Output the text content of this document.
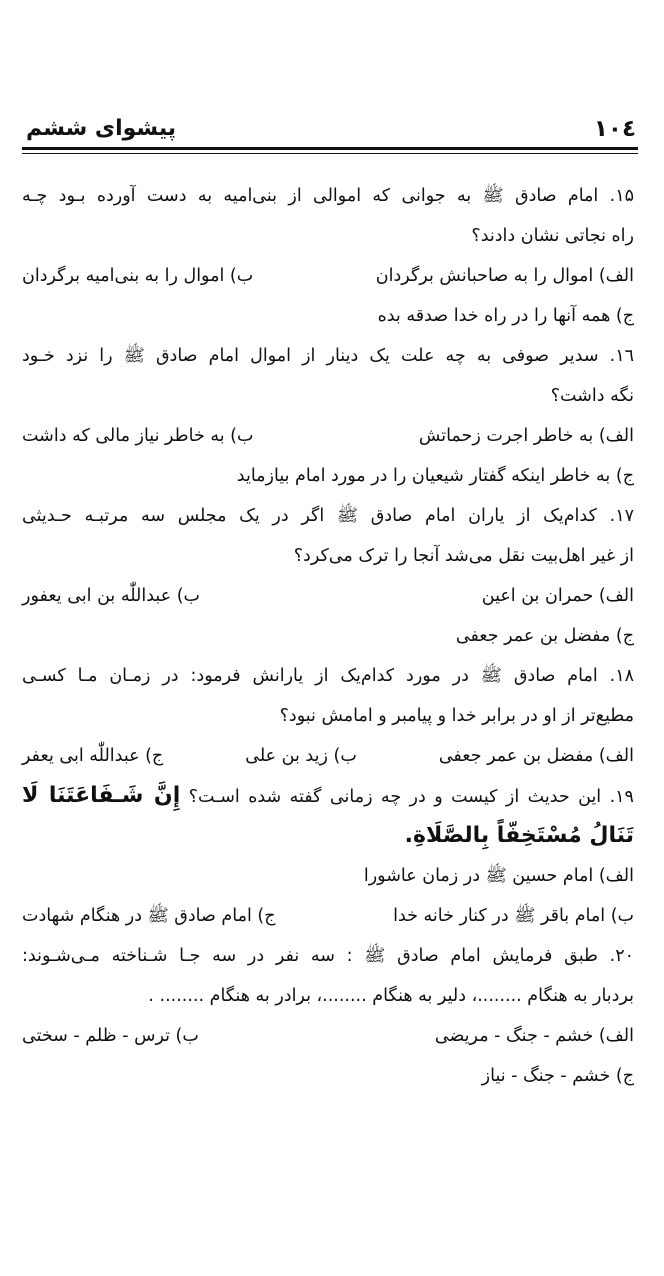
۱۰٤
پیشوای ششم
۱۵. امام صادق ﷺ به جوانی که اموالی از بنی‌امیه به دست آورده بـود چـه
راه نجاتی نشان دادند؟
الف) اموال را به صاحبانش برگردان
ب) اموال را به بنی‌امیه برگردان
ج) همه آنها را در راه خدا صدقه بده
۱٦. سدیر صوفی به چه علت یک دینار از اموال امام صادق ﷺ را نزد خـود
نگه داشت؟
الف) به خاطر اجرت زحماتش
ب) به خاطر نیاز مالی که داشت
ج) به خاطر اینکه گفتار شیعیان را در مورد امام بیازماید
۱۷. کدام‌یک از یاران امام صادق ﷺ اگر در یک مجلس سه مرتبـه حـدیثی
از غیر اهل‌بیت نقل می‌شد آنجا را ترک می‌کرد؟
الف) حمران بن اعین
ب) عبداللّٰه بن ابی یعفور
ج) مفضل بن عمر جعفی
۱۸. امام صادق ﷺ در مورد کدام‌یک از یارانش فرمود: در زمـان مـا کسـی
مطیع‌تر از او در برابر خدا و پیامبر و امامش نبود؟
الف) مفضل بن عمر جعفی
ب) زید بن علی
ج) عبداللّٰه ابی یعفر
۱۹. این حدیث از کیست و در چه زمانی گفته شده اسـت؟ إِنَّ شَـفَاعَتَنَا لَا
تَنَالُ مُسْتَخِفّاً بِالصَّلَاةِ.
الف) امام حسین ﷺ در زمان عاشورا
ب) امام باقر ﷺ در کنار خانه خدا
ج) امام صادق ﷺ در هنگام شهادت
۲۰. طبق فرمایش امام صادق ﷺ : سه نفر در سه جـا شـناخته مـی‌شـوند:
بردبار به هنگام ........، دلیر به هنگام ........، برادر به هنگام ........ .
الف) خشم - جنگ - مریضی
ب) ترس - ظلم - سختی
ج) خشم - جنگ - نیاز
